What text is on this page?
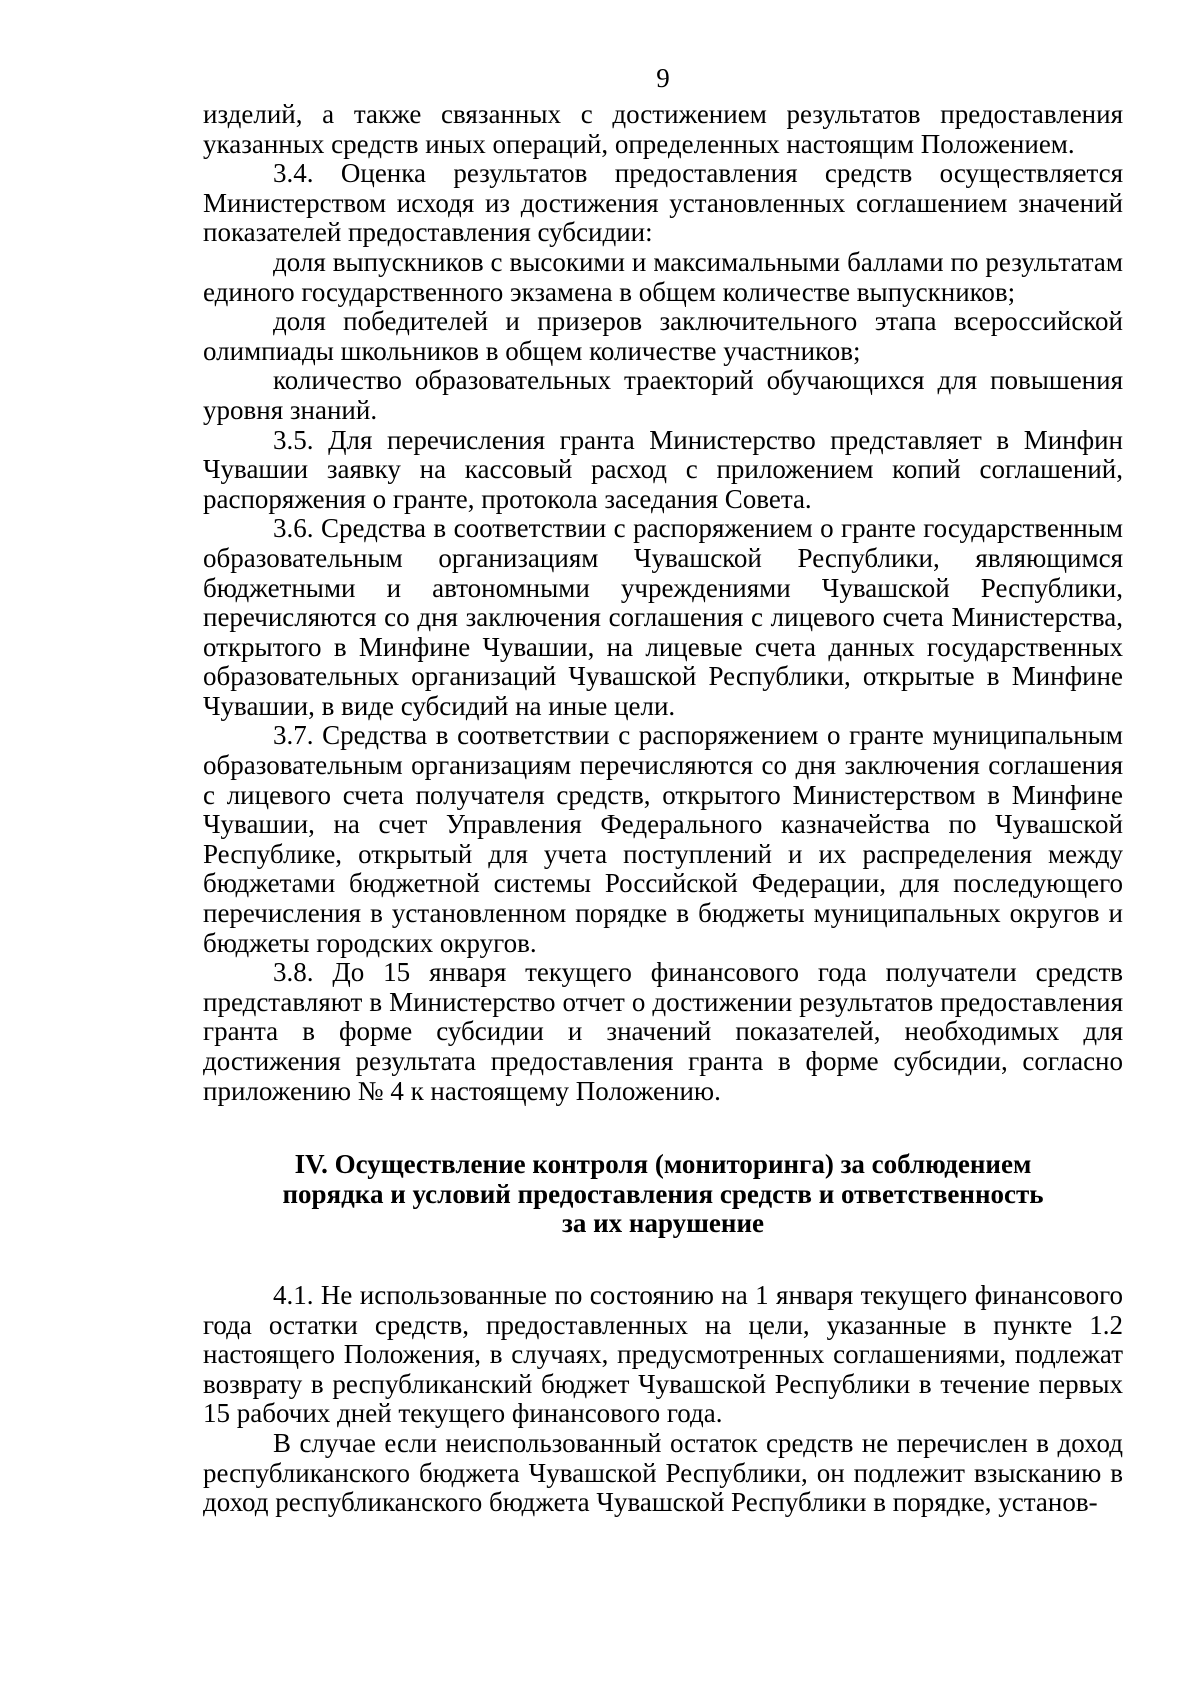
9

изделий, а также связанных с достижением результатов предоставления указанных средств иных операций, определенных настоящим Положением.

3.4. Оценка результатов предоставления средств осуществляется Министерством исходя из достижения установленных соглашением значений показателей предоставления субсидии:

доля выпускников с высокими и максимальными баллами по результатам единого государственного экзамена в общем количестве выпускников;

доля победителей и призеров заключительного этапа всероссийской олимпиады школьников в общем количестве участников;

количество образовательных траекторий обучающихся для повышения уровня знаний.

3.5. Для перечисления гранта Министерство представляет в Минфин Чувашии заявку на кассовый расход с приложением копий соглашений, распоряжения о гранте, протокола заседания Совета.

3.6. Средства в соответствии с распоряжением о гранте государственным образовательным организациям Чувашской Республики, являющимся бюджетными и автономными учреждениями Чувашской Республики, перечисляются со дня заключения соглашения с лицевого счета Министерства, открытого в Минфине Чувашии, на лицевые счета данных государственных образовательных организаций Чувашской Республики, открытые в Минфине Чувашии, в виде субсидий на иные цели.

3.7. Средства в соответствии с распоряжением о гранте муниципальным образовательным организациям перечисляются со дня заключения соглашения с лицевого счета получателя средств, открытого Министерством в Минфине Чувашии, на счет Управления Федерального казначейства по Чувашской Республике, открытый для учета поступлений и их распределения между бюджетами бюджетной системы Российской Федерации, для последующего перечисления в установленном порядке в бюджеты муниципальных округов и бюджеты городских округов.

3.8. До 15 января текущего финансового года получатели средств представляют в Министерство отчет о достижении результатов предоставления гранта в форме субсидии и значений показателей, необходимых для достижения результата предоставления гранта в форме субсидии, согласно приложению № 4 к настоящему Положению.

IV. Осуществление контроля (мониторинга) за соблюдением
порядка и условий предоставления средств и ответственность
за их нарушение

4.1. Не использованные по состоянию на 1 января текущего финансового года остатки средств, предоставленных на цели, указанные в пункте 1.2 настоящего Положения, в случаях, предусмотренных соглашениями, подлежат возврату в республиканский бюджет Чувашской Республики в течение первых 15 рабочих дней текущего финансового года.

В случае если неиспользованный остаток средств не перечислен в доход республиканского бюджета Чувашской Республики, он подлежит взысканию в доход республиканского бюджета Чувашской Республики в порядке, установ-
